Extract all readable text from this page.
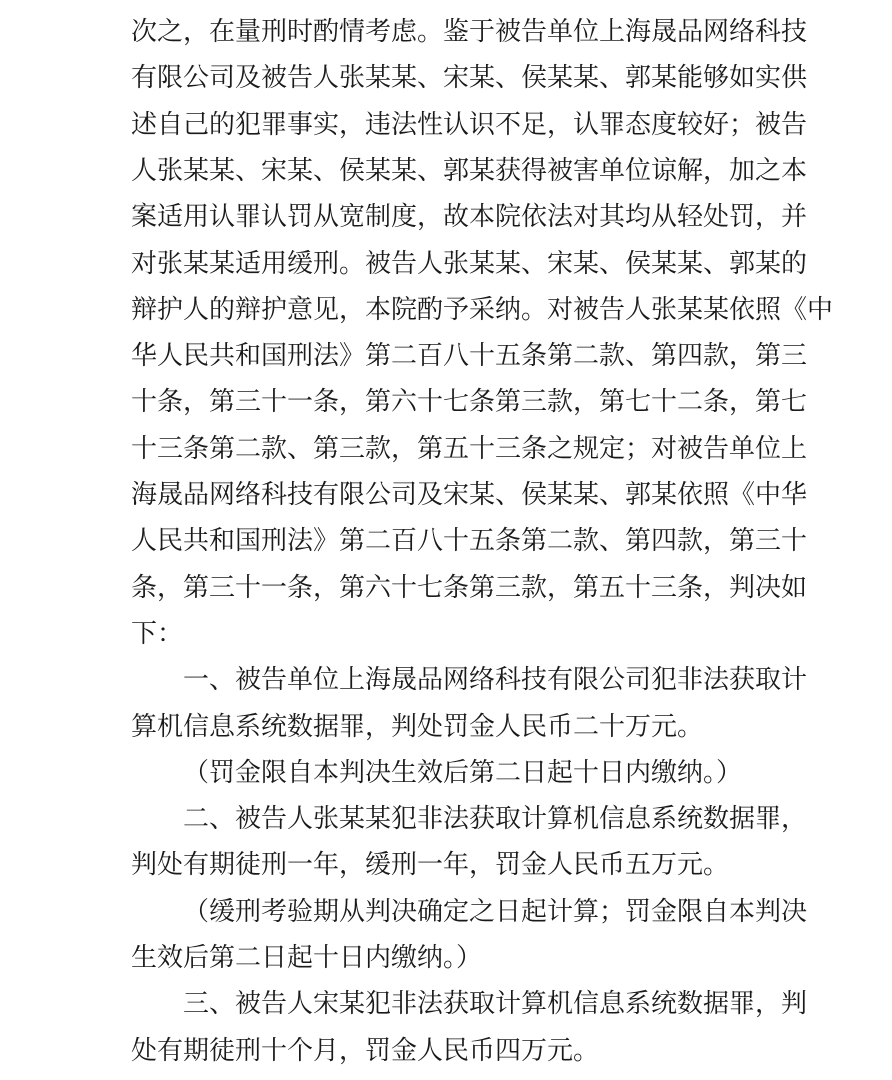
次之，在量刑时酌情考虑。鉴于被告单位上海晟品网络科技
有限公司及被告人张某某、宋某、侯某某、郭某能够如实供
述自己的犯罪事实，违法性认识不足，认罪态度较好；被告
人张某某、宋某、侯某某、郭某获得被害单位谅解，加之本
案适用认罪认罚从宽制度，故本院依法对其均从轻处罚，并
对张某某适用缓刑。被告人张某某、宋某、侯某某、郭某的
辩护人的辩护意见，本院酌予采纳。对被告人张某某依照《中
华人民共和国刑法》第二百八十五条第二款、第四款，第三
十条，第三十一条，第六十七条第三款，第七十二条，第七
十三条第二款、第三款，第五十三条之规定；对被告单位上
海晟品网络科技有限公司及宋某、侯某某、郭某依照《中华
人民共和国刑法》第二百八十五条第二款、第四款，第三十
条，第三十一条，第六十七条第三款，第五十三条，判决如
下：
一、被告单位上海晟品网络科技有限公司犯非法获取计
算机信息系统数据罪，判处罚金人民币二十万元。
（罚金限自本判决生效后第二日起十日内缴纳。）
二、被告人张某某犯非法获取计算机信息系统数据罪，
判处有期徒刑一年，缓刑一年，罚金人民币五万元。
（缓刑考验期从判决确定之日起计算；罚金限自本判决
生效后第二日起十日内缴纳。）
三、被告人宋某犯非法获取计算机信息系统数据罪，判
处有期徒刑十个月，罚金人民币四万元。
